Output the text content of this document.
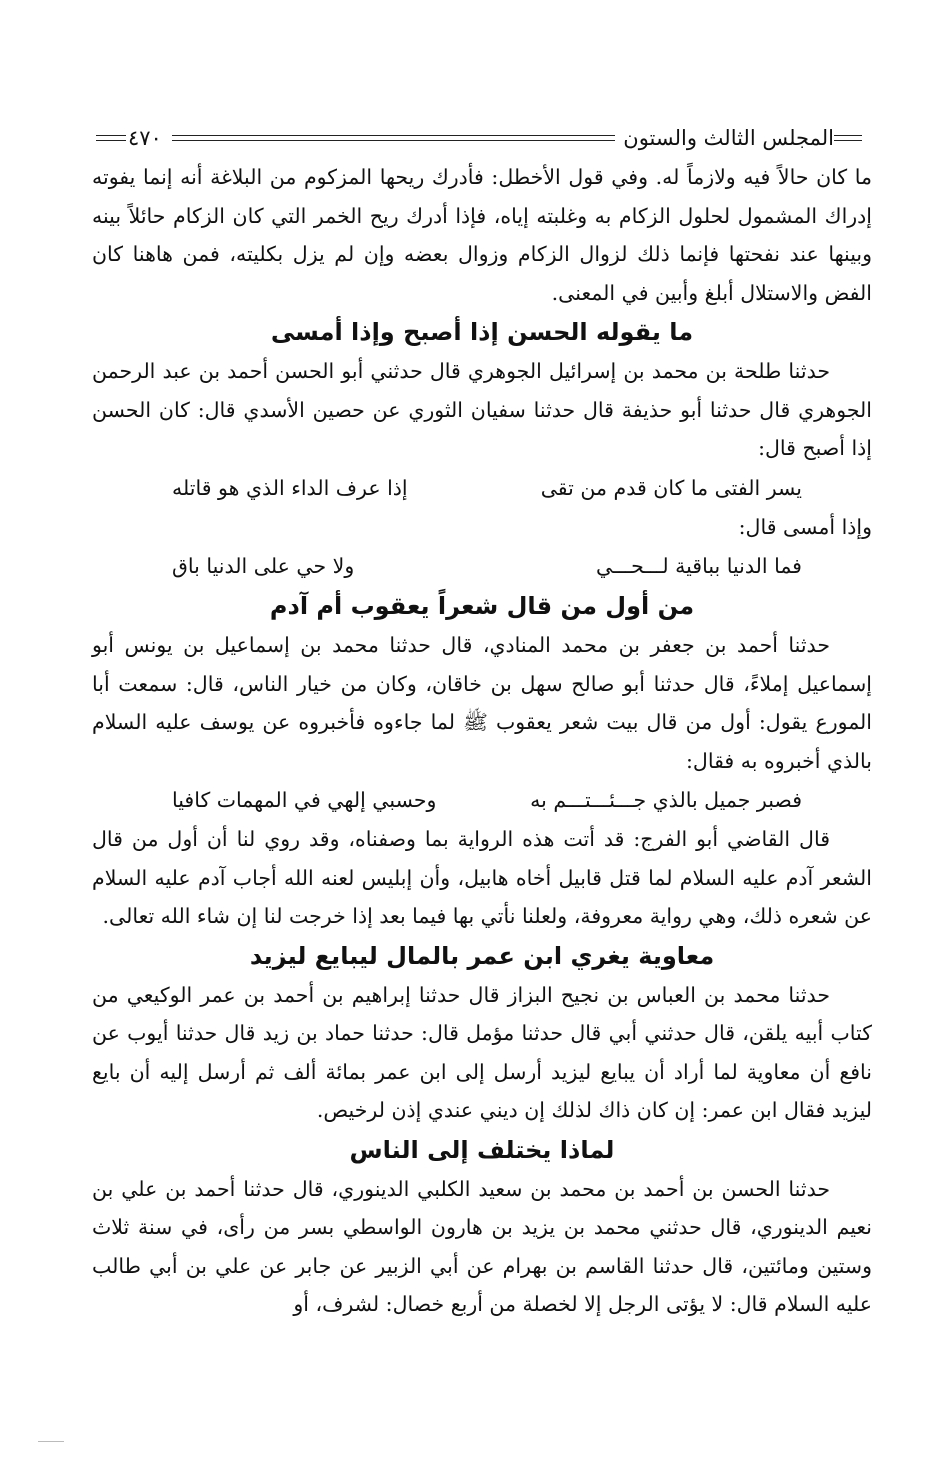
المجلس الثالث والستون
٤٧٠

ما كان حالاً فيه ولازماً له. وفي قول الأخطل: فأدرك ريحها المزكوم من البلاغة أنه إنما يفوته إدراك المشمول لحلول الزكام به وغلبته إياه، فإذا أدرك ريح الخمر التي كان الزكام حائلاً بينه وبينها عند نفحتها فإنما ذلك لزوال الزكام وزوال بعضه وإن لم يزل بكليته، فمن هاهنا كان الفض والاستلال أبلغ وأبين في المعنى.

ما يقوله الحسن إذا أصبح وإذا أمسى

حدثنا طلحة بن محمد بن إسرائيل الجوهري قال حدثني أبو الحسن أحمد بن عبد الرحمن الجوهري قال حدثنا أبو حذيفة قال حدثنا سفيان الثوري عن حصين الأسدي قال: كان الحسن إذا أصبح قال:

يسر الفتى ما كان قدم من تقى
إذا عرف الداء الذي هو قاتله

وإذا أمسى قال:

فما الدنيا بباقية لـــحـــي
ولا حي على الدنيا باق
من أول من قال شعراً يعقوب أم آدم

حدثنا أحمد بن جعفر بن محمد المنادي، قال حدثنا محمد بن إسماعيل بن يونس أبو إسماعيل إملاءً، قال حدثنا أبو صالح سهل بن خاقان، وكان من خيار الناس، قال: سمعت أبا المورع يقول: أول من قال بيت شعر يعقوب ﷺ لما جاءوه فأخبروه عن يوسف عليه السلام بالذي أخبروه به فقال:

فصبر جميل بالذي جـــئـــتـــم به
وحسبي إلهي في المهمات كافيا

قال القاضي أبو الفرج: قد أتت هذه الرواية بما وصفناه، وقد روي لنا أن أول من قال الشعر آدم عليه السلام لما قتل قابيل أخاه هابيل، وأن إبليس لعنه الله أجاب آدم عليه السلام عن شعره ذلك، وهي رواية معروفة، ولعلنا نأتي بها فيما بعد إذا خرجت لنا إن شاء الله تعالى.

معاوية يغري ابن عمر بالمال ليبايع ليزيد

حدثنا محمد بن العباس بن نجيح البزاز قال حدثنا إبراهيم بن أحمد بن عمر الوكيعي من كتاب أبيه يلقن، قال حدثني أبي قال حدثنا مؤمل قال: حدثنا حماد بن زيد قال حدثنا أيوب عن نافع أن معاوية لما أراد أن يبايع ليزيد أرسل إلى ابن عمر بمائة ألف ثم أرسل إليه أن بايع ليزيد فقال ابن عمر: إن كان ذاك لذلك إن ديني عندي إذن لرخيص.

لماذا يختلف إلى الناس

حدثنا الحسن بن أحمد بن محمد بن سعيد الكلبي الدينوري، قال حدثنا أحمد بن علي بن نعيم الدينوري، قال حدثني محمد بن يزيد بن هارون الواسطي بسر من رأى، في سنة ثلاث وستين ومائتين، قال حدثنا القاسم بن بهرام عن أبي الزبير عن جابر عن علي بن أبي طالب عليه السلام قال: لا يؤتى الرجل إلا لخصلة من أربع خصال: لشرف، أو
